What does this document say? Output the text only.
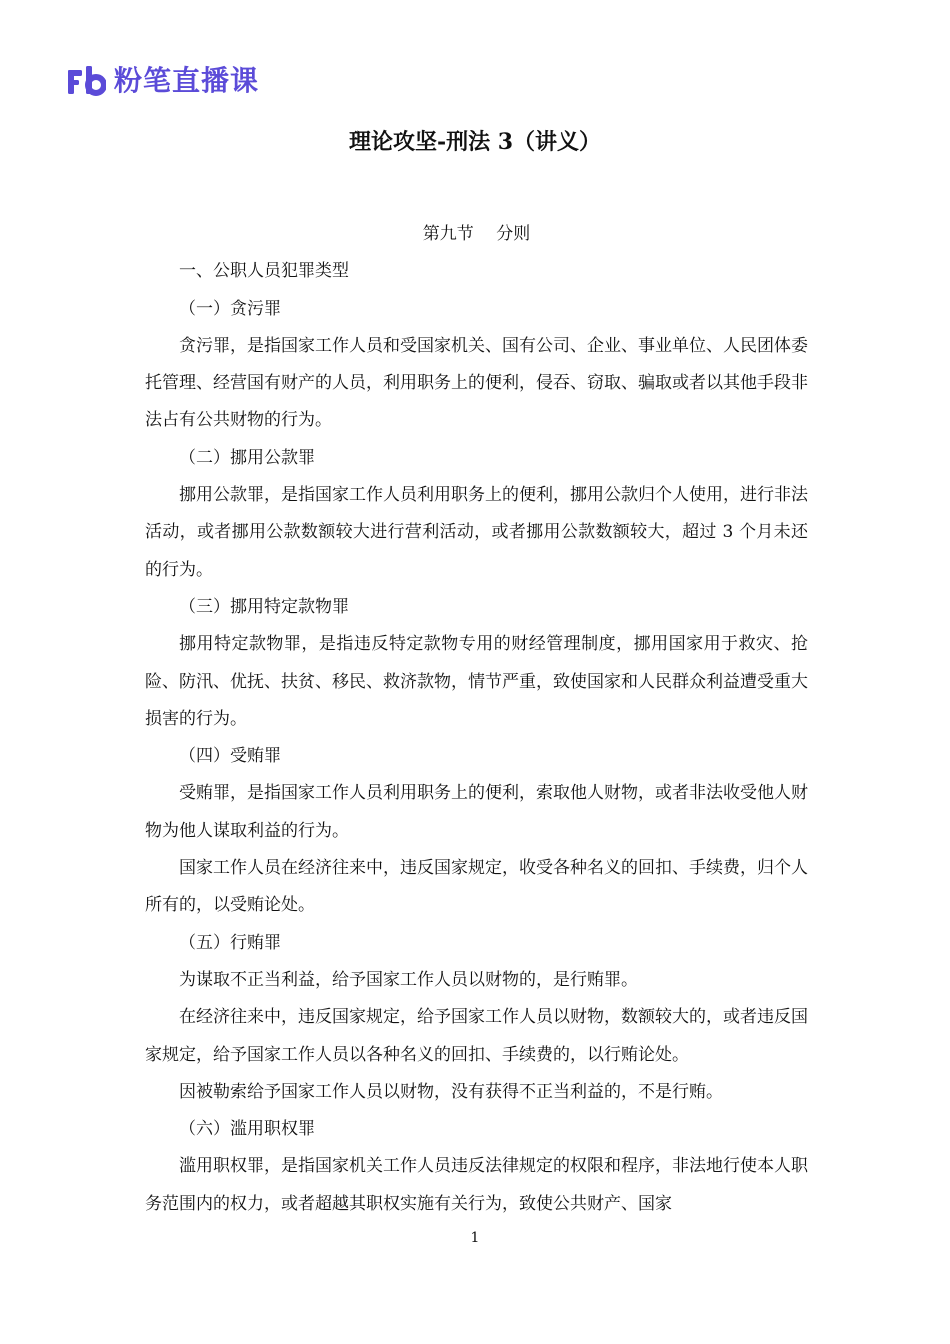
粉笔直播课
理论攻坚-刑法 3（讲义）

第九节　 分则

一、公职人员犯罪类型

（一）贪污罪

贪污罪，是指国家工作人员和受国家机关、国有公司、企业、事业单位、人民团体委托管理、经营国有财产的人员，利用职务上的便利，侵吞、窃取、骗取或者以其他手段非法占有公共财物的行为。

（二）挪用公款罪

挪用公款罪，是指国家工作人员利用职务上的便利，挪用公款归个人使用，进行非法活动，或者挪用公款数额较大进行营利活动，或者挪用公款数额较大，超过 3 个月未还的行为。

（三）挪用特定款物罪

挪用特定款物罪，是指违反特定款物专用的财经管理制度，挪用国家用于救灾、抢险、防汛、优抚、扶贫、移民、救济款物，情节严重，致使国家和人民群众利益遭受重大损害的行为。

（四）受贿罪

受贿罪，是指国家工作人员利用职务上的便利，索取他人财物，或者非法收受他人财物为他人谋取利益的行为。

国家工作人员在经济往来中，违反国家规定，收受各种名义的回扣、手续费，归个人所有的，以受贿论处。

（五）行贿罪

为谋取不正当利益，给予国家工作人员以财物的，是行贿罪。

在经济往来中，违反国家规定，给予国家工作人员以财物，数额较大的，或者违反国家规定，给予国家工作人员以各种名义的回扣、手续费的，以行贿论处。

因被勒索给予国家工作人员以财物，没有获得不正当利益的，不是行贿。

（六）滥用职权罪

滥用职权罪，是指国家机关工作人员违反法律规定的权限和程序，非法地行使本人职务范围内的权力，或者超越其职权实施有关行为，致使公共财产、国家

1
